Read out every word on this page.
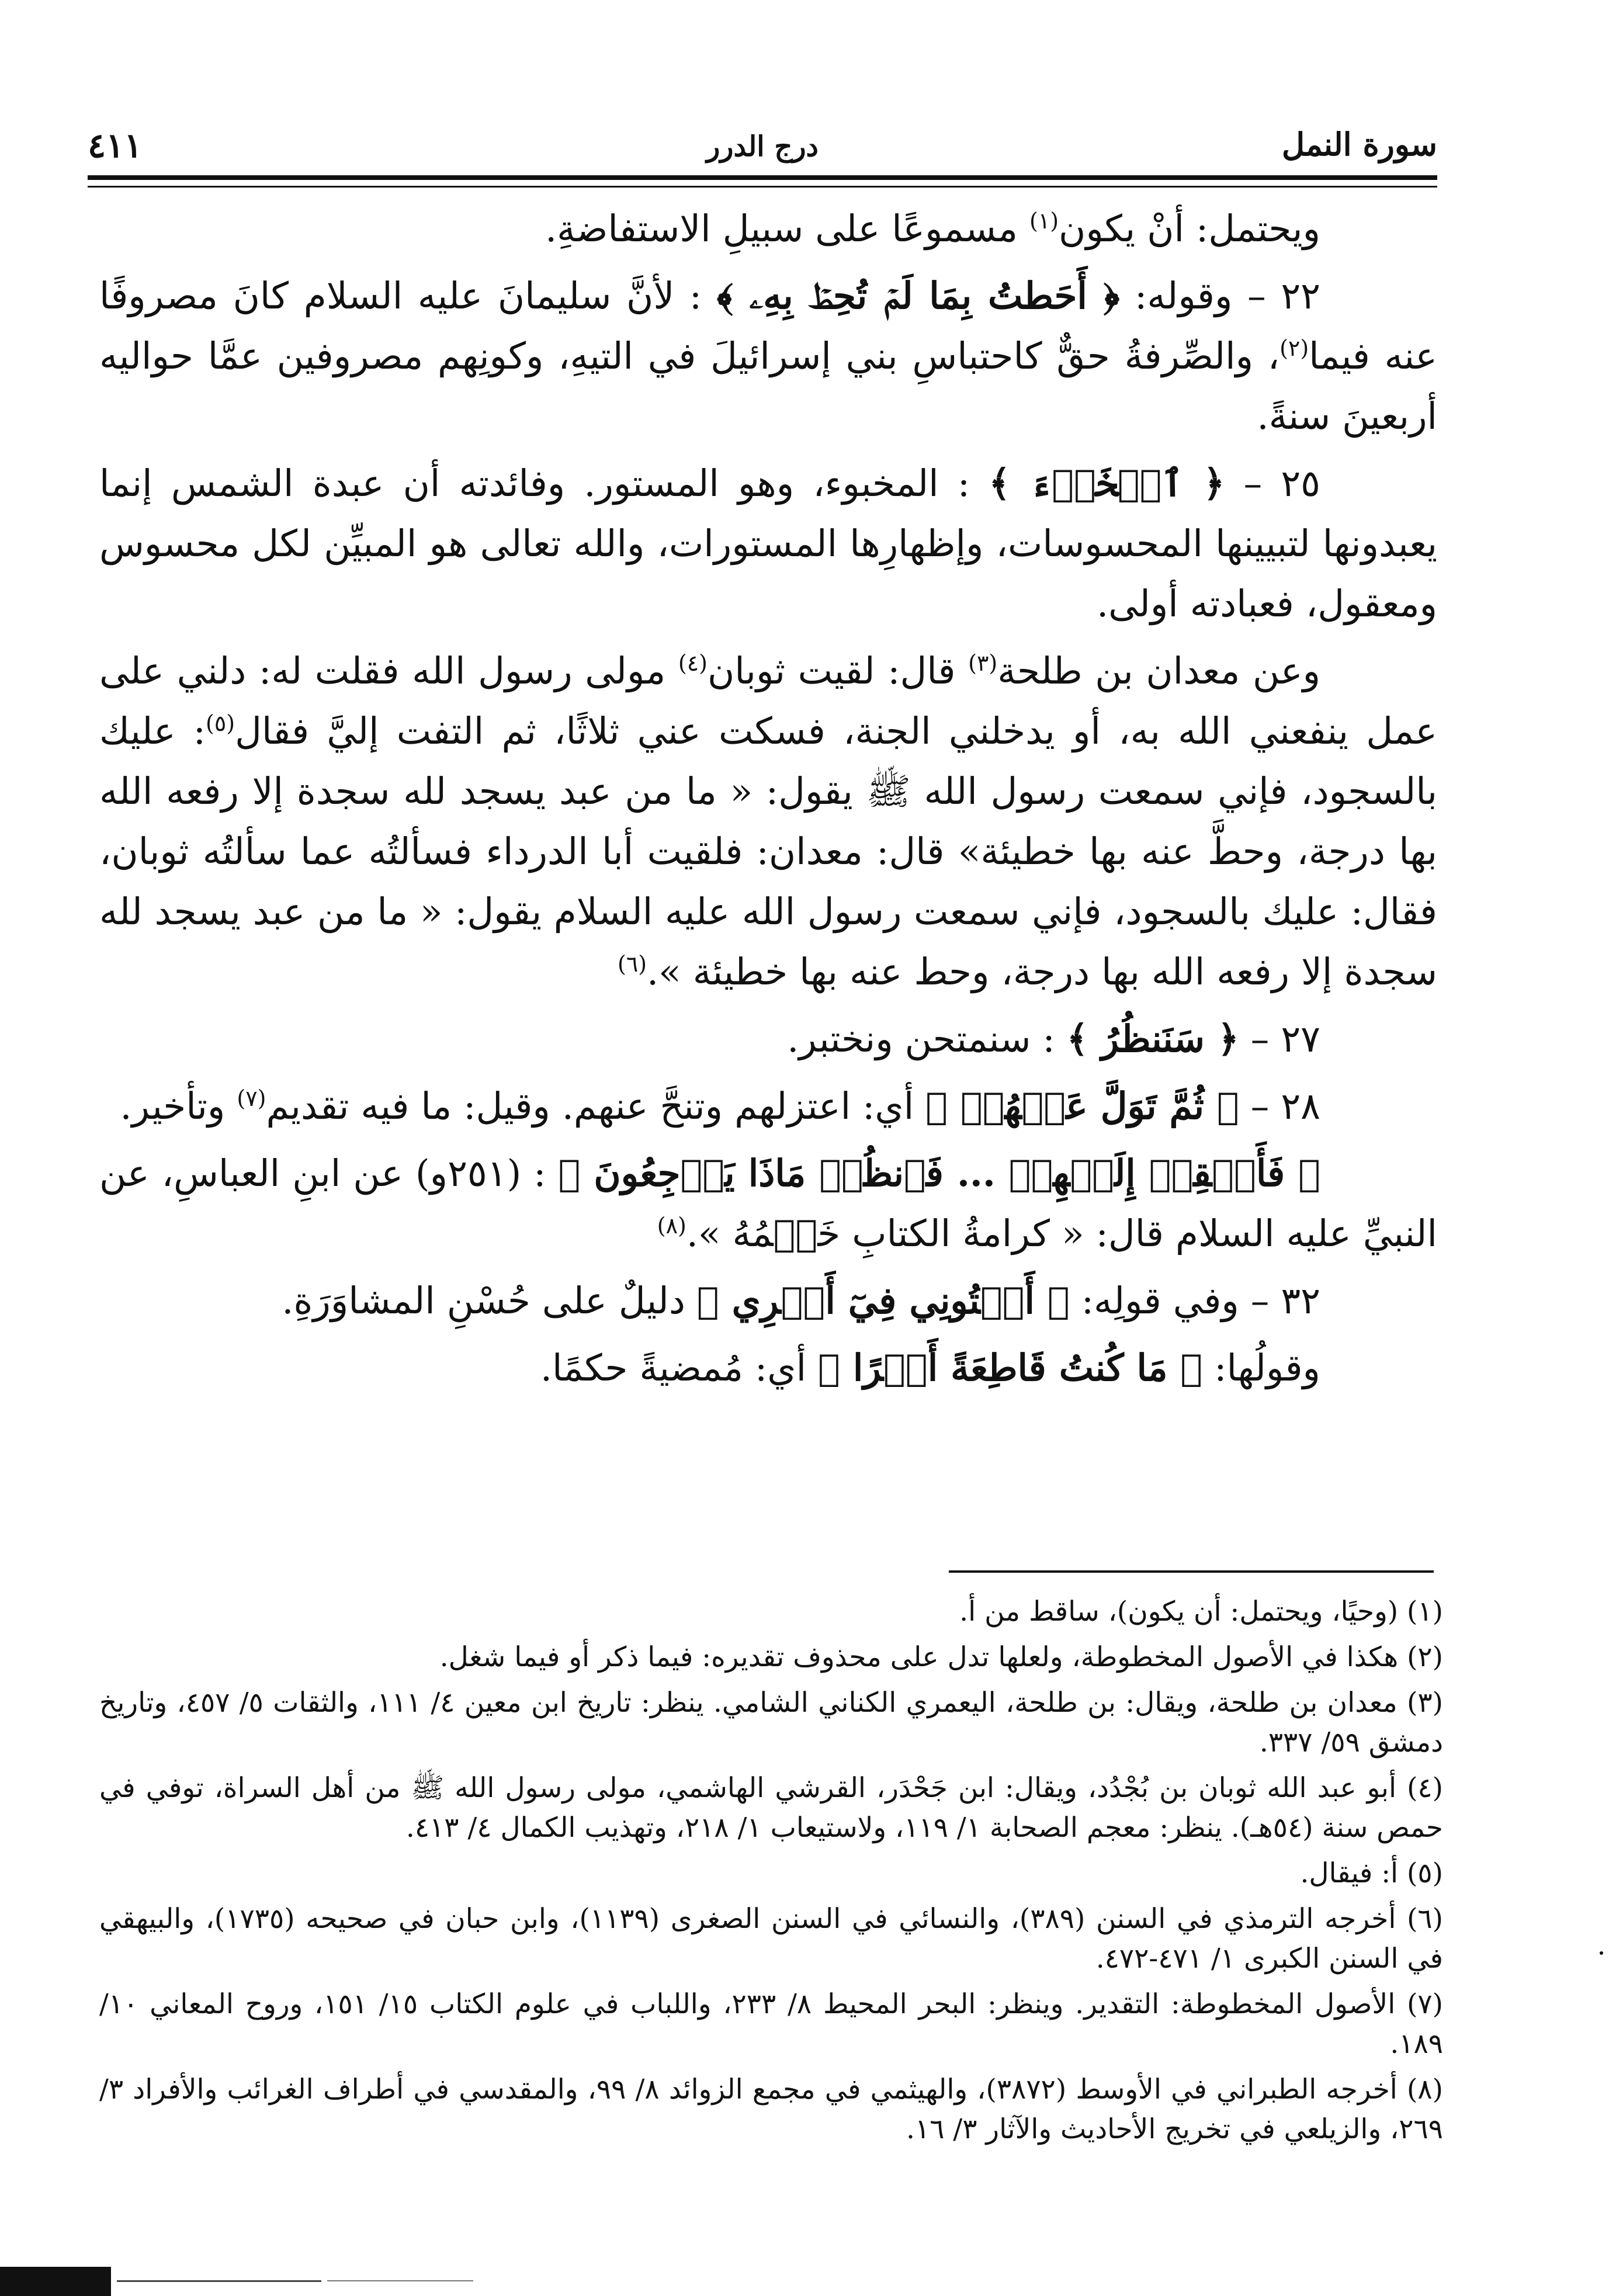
سورة النمل
درج الدرر
٤١١

ويحتمل: أنْ يكون$^{(١)}$ مسموعًا على سبيلِ الاستفاضةِ.

٢٢ – وقوله: ﴿ أَحَطتُ بِمَا لَمۡ تُحِطۡ بِهِۦ ﴾ : لأنَّ سليمانَ عليه السلام كانَ مصروفًا عنه فيما$^{(٢)}$، والصِّرفةُ حقٌّ كاحتباسِ بني إسرائيلَ في التيهِ، وكونِهم مصروفين عمَّا حواليه أربعينَ سنةً.

٢٥ – ﴿ ٱلۡخَبۡءَ ﴾ : المخبوء، وهو المستور. وفائدته أن عبدة الشمس إنما يعبدونها لتبيينها المحسوسات، وإظهارِها المستورات، والله تعالى هو المبيِّن لكل محسوس ومعقول، فعبادته أولى.

وعن معدان بن طلحة$^{(٣)}$ قال: لقيت ثوبان$^{(٤)}$ مولى رسول الله فقلت له: دلني على عمل ينفعني الله به، أو يدخلني الجنة، فسكت عني ثلاثًا، ثم التفت إليَّ فقال$^{(٥)}$: عليك بالسجود، فإني سمعت رسول الله ﷺ يقول: « ما من عبد يسجد لله سجدة إلا رفعه الله بها درجة، وحطَّ عنه بها خطيئة» قال: معدان: فلقيت أبا الدرداء فسألتُه عما سألتُه ثوبان، فقال: عليك بالسجود، فإني سمعت رسول الله عليه السلام يقول: « ما من عبد يسجد لله سجدة إلا رفعه الله بها درجة، وحط عنه بها خطيئة ».$^{(٦)}$

٢٧ – ﴿ سَنَنظُرُ ﴾ : سنمتحن ونختبر.

٢٨ – ﴿ ثُمَّ تَوَلَّ عَنۡهُمۡ ﴾ أي: اعتزلهم وتنحَّ عنهم. وقيل: ما فيه تقديم$^{(٧)}$ وتأخير.

﴿ فَأَلۡقِهۡ إِلَيۡهِمۡ ... فَٱنظُرۡ مَاذَا يَرۡجِعُونَ ﴾ : (٢٥١و) عن ابنِ العباسِ، عن النبيِّ عليه السلام قال: « كرامةُ الكتابِ خَتۡمُهُ ».$^{(٨)}$

٣٢ – وفي قولِه: ﴿ أَفۡتُونِي فِيٓ أَمۡرِي ﴾ دليلٌ على حُسْنِ المشاوَرَةِ.

وقولُها: ﴿ مَا كُنتُ قَاطِعَةً أَمۡرًا ﴾ أي: مُمضيةً حكمًا.

(١) (وحيًا، ويحتمل: أن يكون)، ساقط من أ.

(٢) هكذا في الأصول المخطوطة، ولعلها تدل على محذوف تقديره: فيما ذكر أو فيما شغل.

(٣) معدان بن طلحة، ويقال: بن طلحة، اليعمري الكناني الشامي. ينظر: تاريخ ابن معين ٤/ ١١١، والثقات ٥/ ٤٥٧، وتاريخ دمشق ٥٩/ ٣٣٧.

(٤) أبو عبد الله ثوبان بن بُجْدُد، ويقال: ابن جَحْدَر، القرشي الهاشمي، مولى رسول الله ﷺ من أهل السراة، توفي في حمص سنة (٥٤هـ). ينظر: معجم الصحابة ١/ ١١٩، ولاستيعاب ١/ ٢١٨، وتهذيب الكمال ٤/ ٤١٣.

(٥) أ: فيقال.

(٦) أخرجه الترمذي في السنن (٣٨٩)، والنسائي في السنن الصغرى (١١٣٩)، وابن حبان في صحيحه (١٧٣٥)، والبيهقي في السنن الكبرى ١/ ٤٧١-٤٧٢.

(٧) الأصول المخطوطة: التقدير. وينظر: البحر المحيط ٨/ ٢٣٣، واللباب في علوم الكتاب ١٥/ ١٥١، وروح المعاني ١٠/ ١٨٩.

(٨) أخرجه الطبراني في الأوسط (٣٨٧٢)، والهيثمي في مجمع الزوائد ٨/ ٩٩، والمقدسي في أطراف الغرائب والأفراد ٣/ ٢٦٩، والزيلعي في تخريج الأحاديث والآثار ٣/ ١٦.
